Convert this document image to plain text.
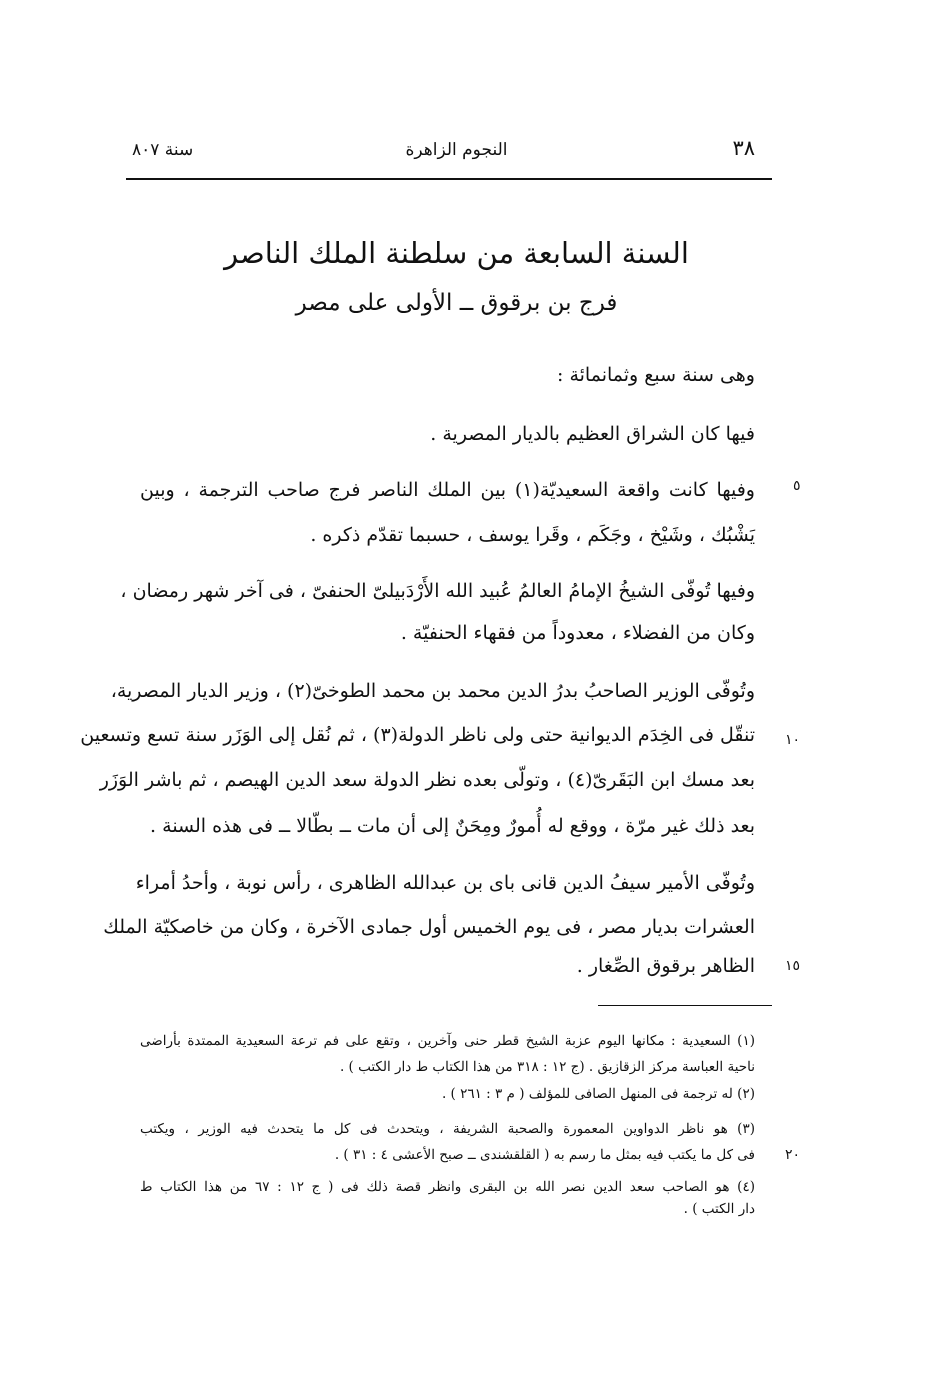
٣٨
النجوم الزاهرة
سنة ٨٠٧
السنة السابعة من سلطنة الملك الناصر
فرج بن برقوق ــ الأولى على مصر
وهى سنة سبع وثمانمائة :
فيها كان الشراق العظيم بالديار المصرية .
وفيها كانت واقعة السعيديّة(١) بين الملك الناصر فرج صاحب الترجمة ، وبين
يَشْبُك ، وشَيْخ ، وجَكَم ، وقَرا يوسف ، حسبما تقدّم ذكره .
وفيها تُوفّى الشيخُ الإمامُ العالمُ عُبيد الله الأَرْدَبيلىّ الحنفىّ ، فى آخر شهر رمضان ،
وكان من الفضلاء ، معدوداً من فقهاء الحنفيّة .
وتُوفّى الوزير الصاحبُ بدرُ الدين محمد بن محمد الطوخىّ(٢) ، وزير الديار المصرية،
تنقّل فى الخِدَم الديوانية حتى ولى ناظر الدولة(٣) ، ثم نُقل إلى الوَزَر سنة تسع وتسعين
بعد مسك ابن البَقَرىّ(٤) ، وتولّى بعده نظر الدولة سعد الدين الهيصم ، ثم باشر الوَزَر
بعد ذلك غير مرّة ، ووقع له أُمورٌ ومِحَنٌ إلى أن مات ــ بطّالا ــ فى هذه السنة .
وتُوفّى الأمير سيفُ الدين قانى باى بن عبدالله الظاهرى ، رأس نوبة ، وأحدُ أمراء
العشرات بديار مصر ، فى يوم الخميس أول جمادى الآخرة ، وكان من خاصكيّة الملك
الظاهر برقوق الصِّغار .
٥
١٠
١٥
٢٠
(١) السعيدية : مكانها اليوم عزبة الشيخ قطر حنى وآخرين ، وتقع على فم ترعة السعيدية الممتدة بأراضى
ناحية العباسة مركز الزقازيق . (ج ١٢ : ٣١٨ من هذا الكتاب ط دار الكتب ) .
(٢) له ترجمة فى المنهل الصافى للمؤلف ( م ٣ : ٢٦١ ) .
(٣) هو ناظر الدواوين المعمورة والصحبة الشريفة ، ويتحدث فى كل ما يتحدث فيه الوزير ، ويكتب
فى كل ما يكتب فيه بمثل ما رسم به ( القلقشندى ــ صبح الأعشى ٤ : ٣١ ) .
(٤) هو الصاحب سعد الدين نصر الله بن البقرى وانظر قصة ذلك فى ( ج ١٢ : ٦٧ من هذا الكتاب ط
دار الكتب ) .
